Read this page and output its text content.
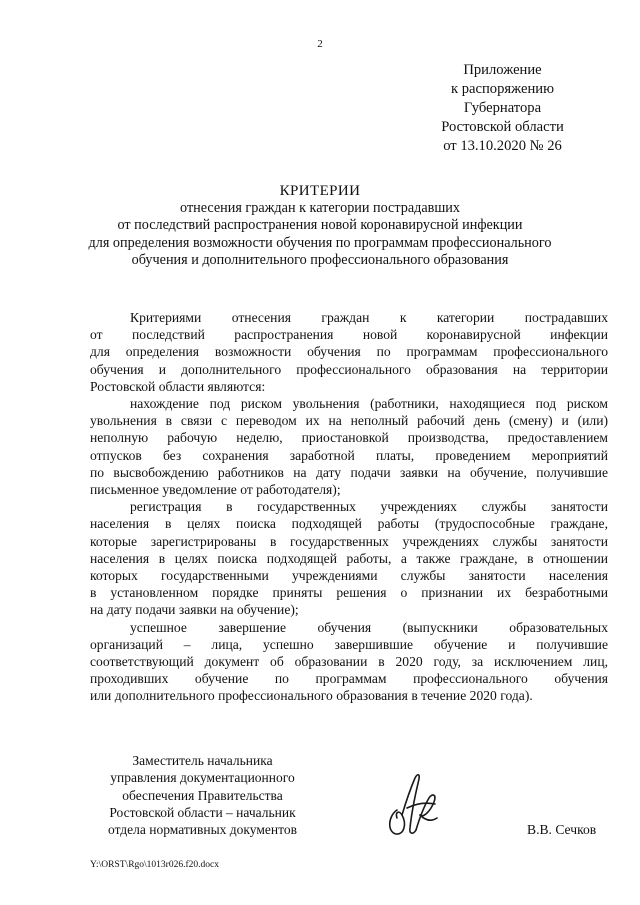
2
Приложение
к распоряжению
Губернатора
Ростовской области
от 13.10.2020 № 26
КРИТЕРИИ
отнесения граждан к категории пострадавших
от последствий распространения новой коронавирусной инфекции
для определения возможности обучения по программам профессионального
обучения и дополнительного профессионального образования

Критериями отнесения граждан к категории пострадавших

от последствий распространения новой коронавирусной инфекции

для определения возможности обучения по программам профессионального

обучения и дополнительного профессионального образования на территории

Ростовской области являются:

нахождение под риском увольнения (работники, находящиеся под риском

увольнения в связи с переводом их на неполный рабочий день (смену) и (или)

неполную рабочую неделю, приостановкой производства, предоставлением

отпусков без сохранения заработной платы, проведением мероприятий

по высвобождению работников на дату подачи заявки на обучение, получившие

письменное уведомление от работодателя);

регистрация в государственных учреждениях службы занятости

населения в целях поиска подходящей работы (трудоспособные граждане,

которые зарегистрированы в государственных учреждениях службы занятости

населения в целях поиска подходящей работы, а также граждане, в отношении

которых государственными учреждениями службы занятости населения

в установленном порядке приняты решения о признании их безработными

на дату подачи заявки на обучение);

успешное завершение обучения (выпускники образовательных

организаций – лица, успешно завершившие обучение и получившие

соответствующий документ об образовании в 2020 году, за исключением лиц,

проходивших обучение по программам профессионального обучения

или дополнительного профессионального образования в течение 2020 года).

Заместитель начальника
управления документационного
обеспечения Правительства
Ростовской области – начальник
отдела нормативных документов	В.В. Сечков
Y:\ORST\Rgo\1013r026.f20.docx
